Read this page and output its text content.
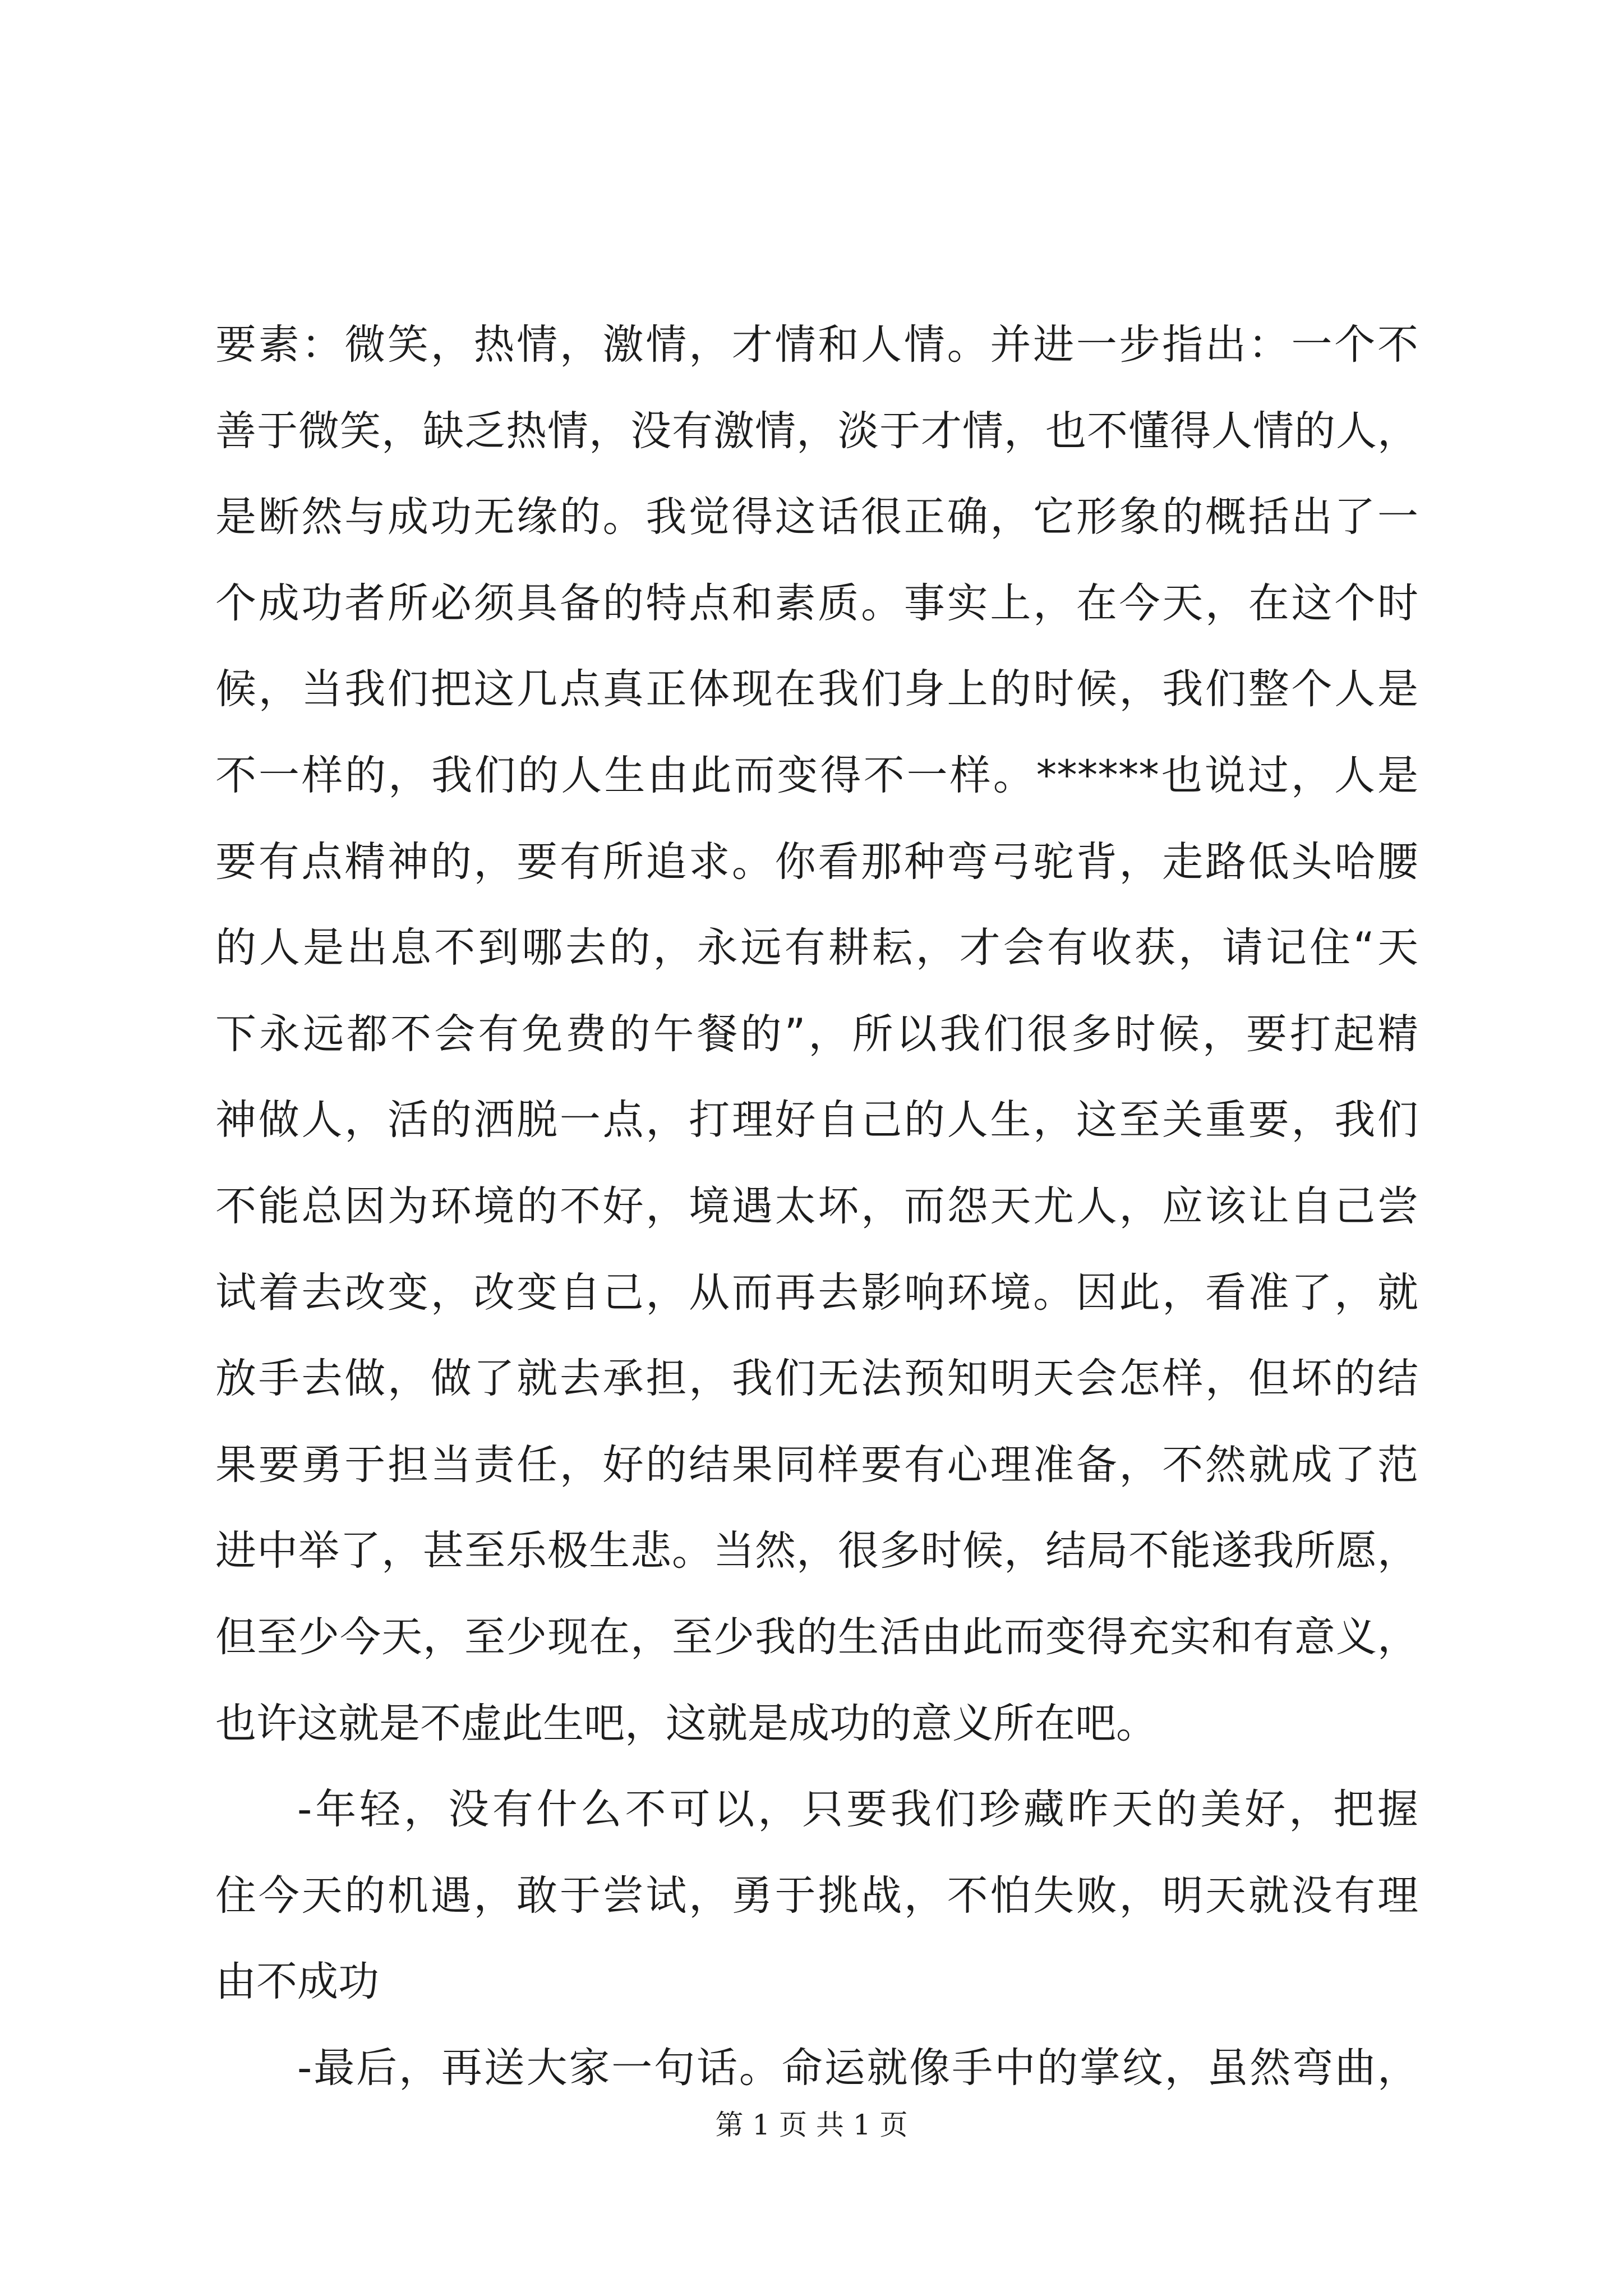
要素：微笑，热情，激情，才情和人情。并进一步指出：一个不
善于微笑，缺乏热情，没有激情，淡于才情，也不懂得人情的人，
是断然与成功无缘的。我觉得这话很正确，它形象的概括出了一
个成功者所必须具备的特点和素质。事实上，在今天，在这个时
候，当我们把这几点真正体现在我们身上的时候，我们整个人是
不一样的，我们的人生由此而变得不一样。******也说过，人是
要有点精神的，要有所追求。你看那种弯弓驼背，走路低头哈腰
的人是出息不到哪去的，永远有耕耘，才会有收获，请记住“天
下永远都不会有免费的午餐的”，所以我们很多时候，要打起精
神做人，活的洒脱一点，打理好自己的人生，这至关重要，我们
不能总因为环境的不好，境遇太坏，而怨天尤人，应该让自己尝
试着去改变，改变自己，从而再去影响环境。因此，看准了，就
放手去做，做了就去承担，我们无法预知明天会怎样，但坏的结
果要勇于担当责任，好的结果同样要有心理准备，不然就成了范
进中举了，甚至乐极生悲。当然，很多时候，结局不能遂我所愿，
但至少今天，至少现在，至少我的生活由此而变得充实和有意义，
也许这就是不虚此生吧，这就是成功的意义所在吧。
-年轻，没有什么不可以，只要我们珍藏昨天的美好，把握
住今天的机遇，敢于尝试，勇于挑战，不怕失败，明天就没有理
由不成功
-最后，再送大家一句话。命运就像手中的掌纹，虽然弯曲，
第 1 页 共 1 页
